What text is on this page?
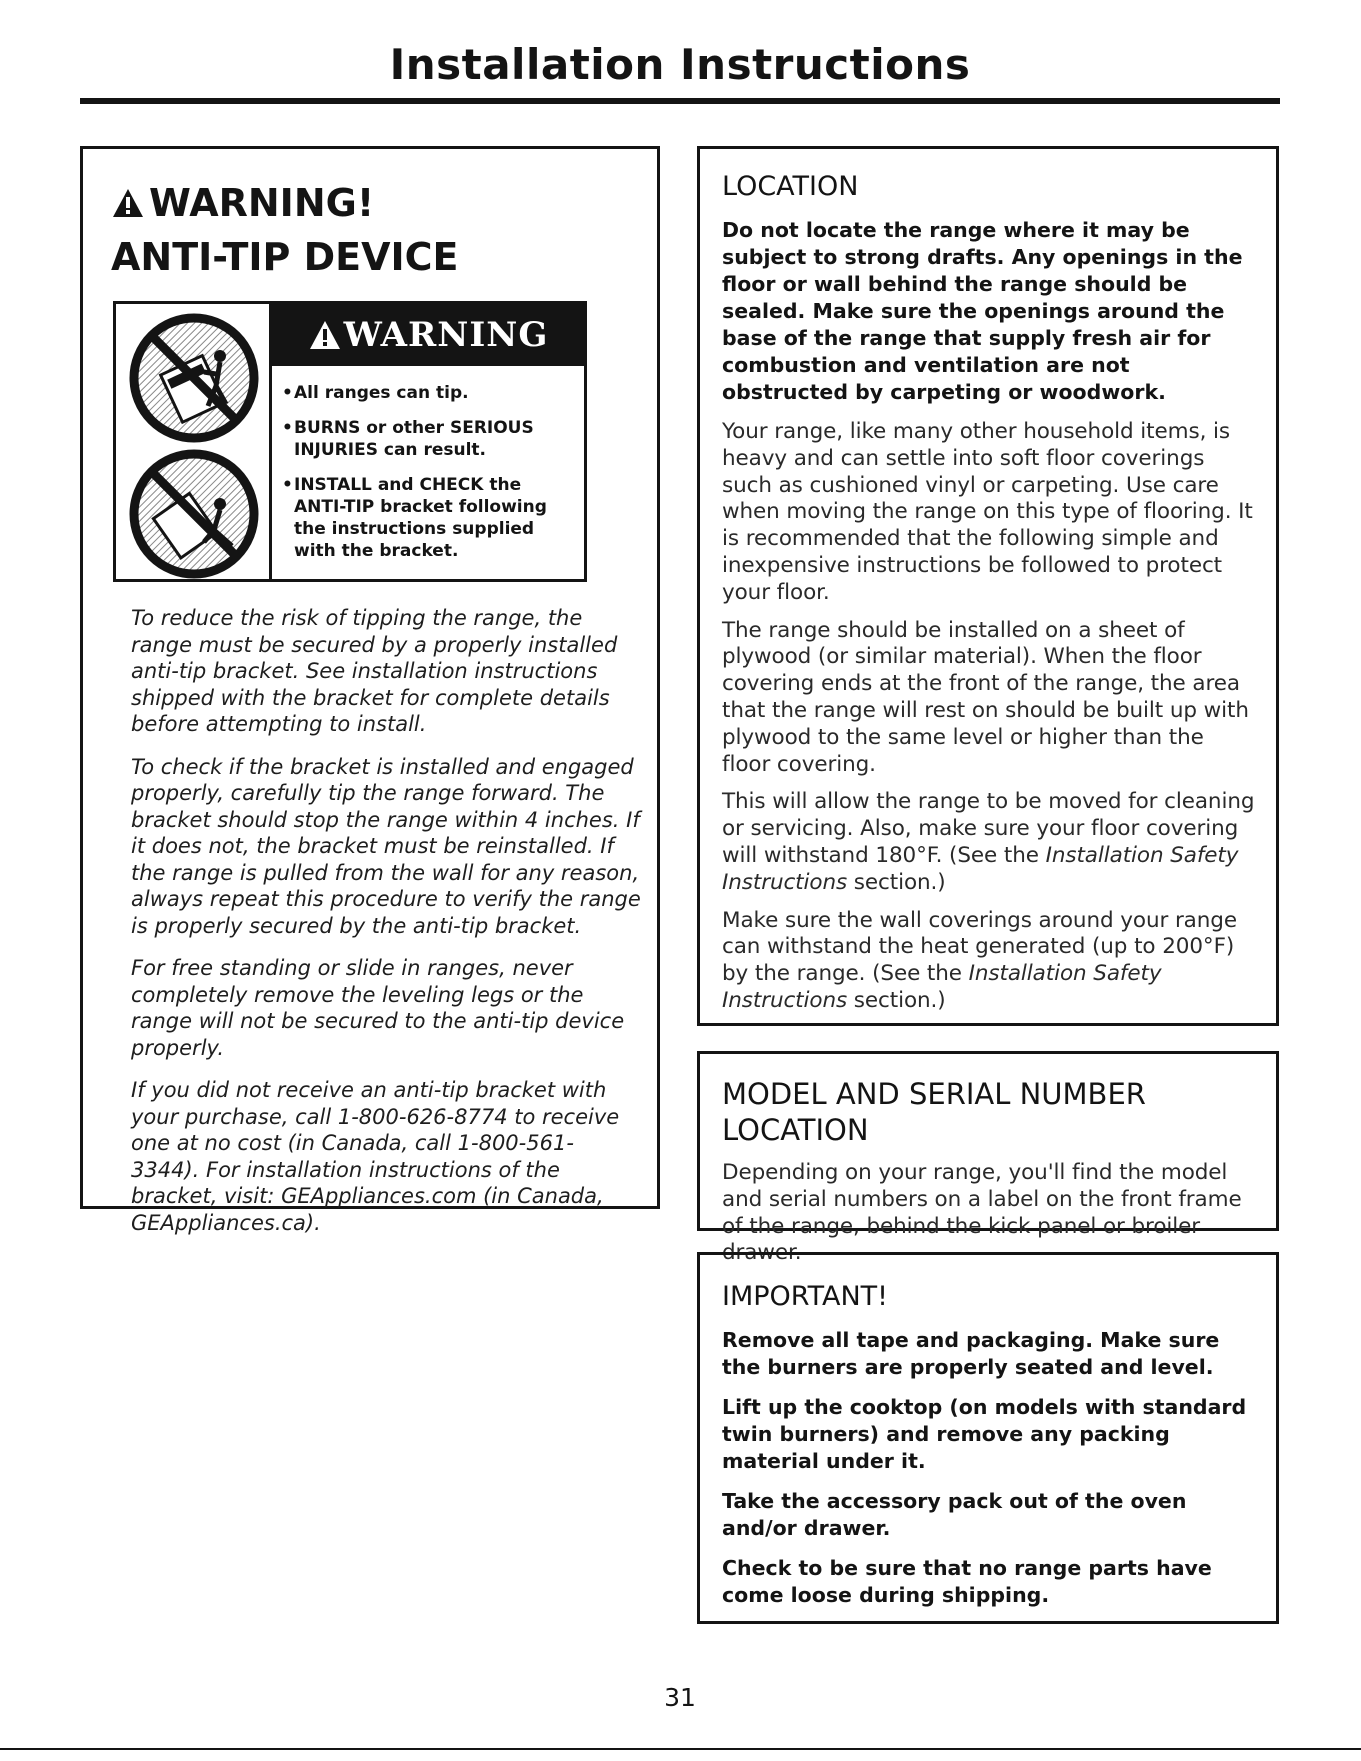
Installation Instructions
WARNING!
ANTI-TIP DEVICE
WARNING
• All ranges can tip.
• BURNS or other SERIOUS INJURIES can result.
• INSTALL and CHECK the ANTI-TIP bracket following the instructions supplied with the bracket.

To reduce the risk of tipping the range, the range must be secured by a properly installed anti-tip bracket. See installation instructions shipped with the bracket for complete details before attempting to install.

To check if the bracket is installed and engaged properly, carefully tip the range forward. The bracket should stop the range within 4 inches. If it does not, the bracket must be reinstalled. If the range is pulled from the wall for any reason, always repeat this procedure to verify the range is properly secured by the anti-tip bracket.

For free standing or slide in ranges, never completely remove the leveling legs or the range will not be secured to the anti-tip device properly.

If you did not receive an anti-tip bracket with your purchase, call 1-800-626-8774 to receive one at no cost (in Canada, call 1-800-561-3344). For installation instructions of the bracket, visit: GEAppliances.com (in Canada, GEAppliances.ca).

LOCATION

Do not locate the range where it may be subject to strong drafts. Any openings in the floor or wall behind the range should be sealed. Make sure the openings around the base of the range that supply fresh air for combustion and ventilation are not obstructed by carpeting or woodwork.

Your range, like many other household items, is heavy and can settle into soft floor coverings such as cushioned vinyl or carpeting. Use care when moving the range on this type of flooring. It is recommended that the following simple and inexpensive instructions be followed to protect your floor.

The range should be installed on a sheet of plywood (or similar material). When the floor covering ends at the front of the range, the area that the range will rest on should be built up with plywood to the same level or higher than the floor covering.

This will allow the range to be moved for cleaning or servicing. Also, make sure your floor covering will withstand 180°F. (See the Installation Safety Instructions section.)

Make sure the wall coverings around your range can withstand the heat generated (up to 200°F) by the range. (See the Installation Safety Instructions section.)

MODEL AND SERIAL NUMBER LOCATION

Depending on your range, you'll find the model and serial numbers on a label on the front frame of the range, behind the kick panel or broiler drawer.

IMPORTANT!

Remove all tape and packaging. Make sure the burners are properly seated and level.

Lift up the cooktop (on models with standard twin burners) and remove any packing material under it.

Take the accessory pack out of the oven and/or drawer.

Check to be sure that no range parts have come loose during shipping.

31
